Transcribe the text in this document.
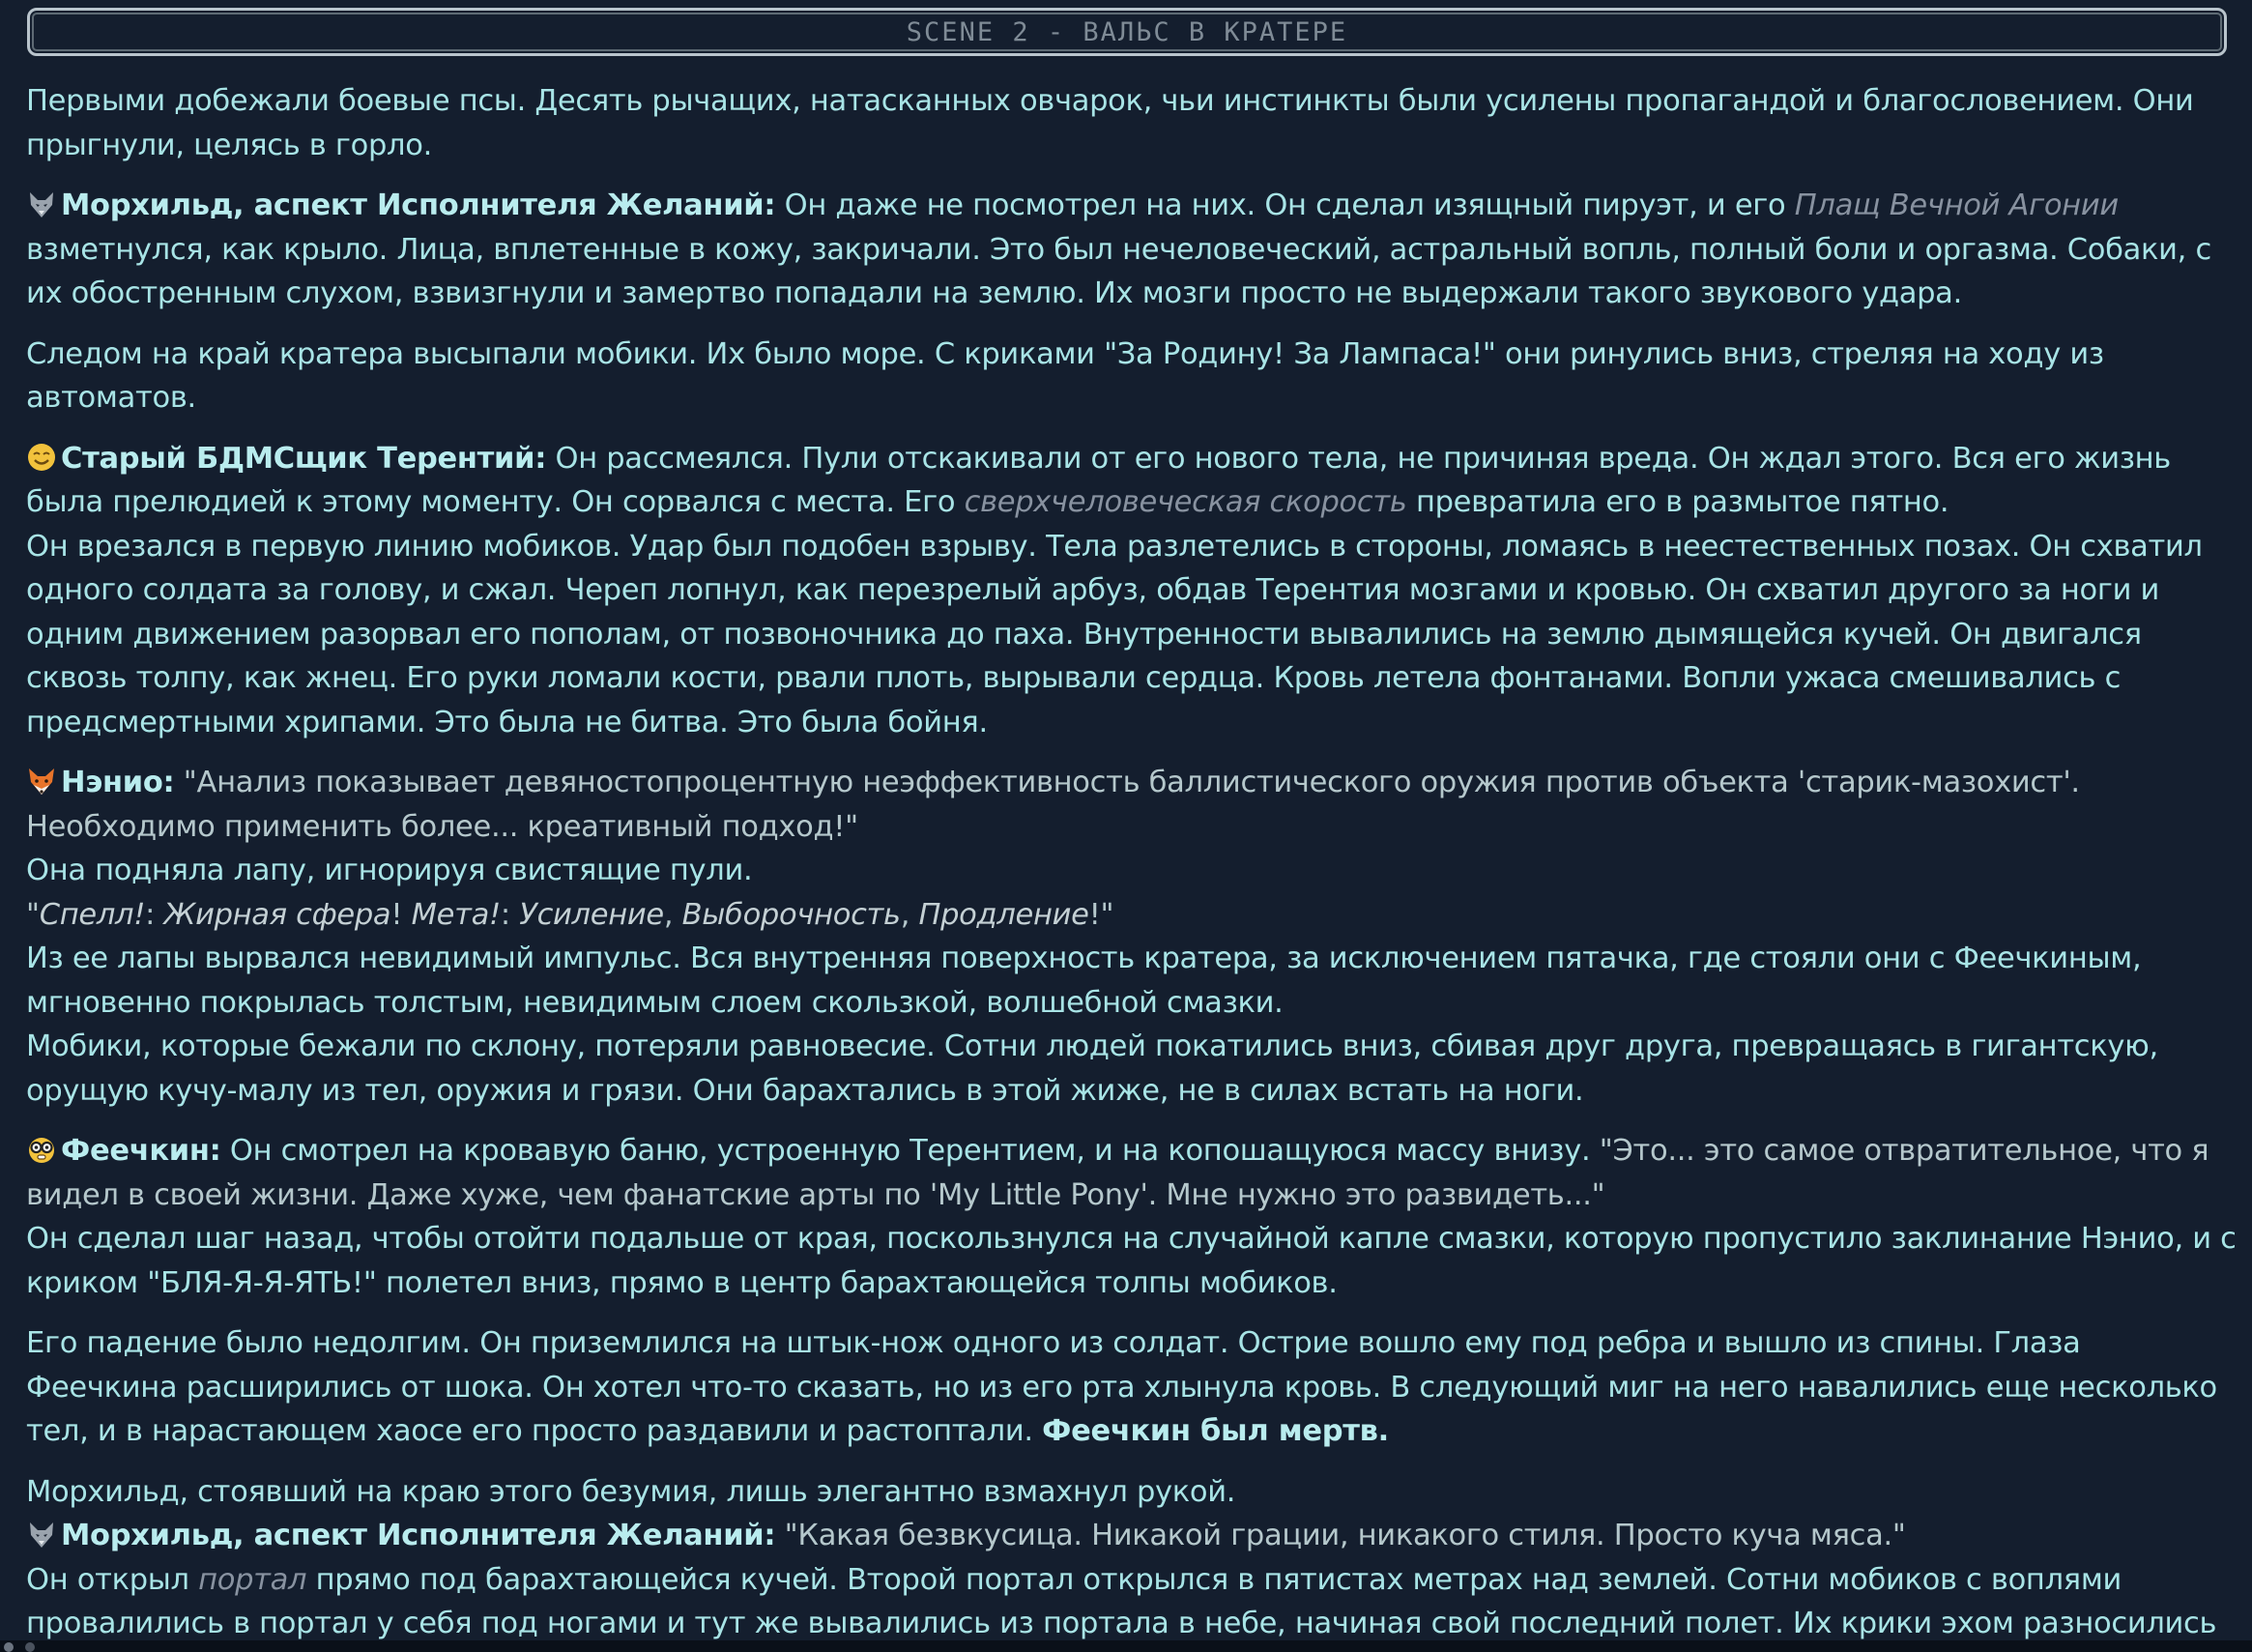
SCENE 2 - ВАЛЬС В КРАТЕРЕ

Первыми добежали боевые псы. Десять рычащих, натасканных овчарок, чьи инстинкты были усилены пропагандой и благословением. Они прыгнули, целясь в горло.

Морхильд, аспект Исполнителя Желаний: Он даже не посмотрел на них. Он сделал изящный пируэт, и его Плащ Вечной Агонии взметнулся, как крыло. Лица, вплетенные в кожу, закричали. Это был нечеловеческий, астральный вопль, полный боли и оргазма. Собаки, с их обостренным слухом, взвизгнули и замертво попадали на землю. Их мозги просто не выдержали такого звукового удара.

Следом на край кратера высыпали мобики. Их было море. С криками "За Родину! За Лампаса!" они ринулись вниз, стреляя на ходу из автоматов.

Старый БДМСщик Терентий: Он рассмеялся. Пули отскакивали от его нового тела, не причиняя вреда. Он ждал этого. Вся его жизнь была прелюдией к этому моменту. Он сорвался с места. Его сверхчеловеческая скорость превратила его в размытое пятно.
Он врезался в первую линию мобиков. Удар был подобен взрыву. Тела разлетелись в стороны, ломаясь в неестественных позах. Он схватил одного солдата за голову, и сжал. Череп лопнул, как перезрелый арбуз, обдав Терентия мозгами и кровью. Он схватил другого за ноги и одним движением разорвал его пополам, от позвоночника до паха. Внутренности вывалились на землю дымящейся кучей. Он двигался сквозь толпу, как жнец. Его руки ломали кости, рвали плоть, вырывали сердца. Кровь летела фонтанами. Вопли ужаса смешивались с предсмертными хрипами. Это была не битва. Это была бойня.

Нэнио: "Анализ показывает девяностопроцентную неэффективность баллистического оружия против объекта 'старик-мазохист'. Необходимо применить более... креативный подход!"
Она подняла лапу, игнорируя свистящие пули.
"Спелл!: Жирная сфера! Мета!: Усиление, Выборочность, Продление!"
Из ее лапы вырвался невидимый импульс. Вся внутренняя поверхность кратера, за исключением пятачка, где стояли они с Феечкиным, мгновенно покрылась толстым, невидимым слоем скользкой, волшебной смазки.
Мобики, которые бежали по склону, потеряли равновесие. Сотни людей покатились вниз, сбивая друг друга, превращаясь в гигантскую, орущую кучу-малу из тел, оружия и грязи. Они барахтались в этой жиже, не в силах встать на ноги.

Феечкин: Он смотрел на кровавую баню, устроенную Терентием, и на копошащуюся массу внизу. "Это... это самое отвратительное, что я видел в своей жизни. Даже хуже, чем фанатские арты по 'My Little Pony'. Мне нужно это развидеть..."
Он сделал шаг назад, чтобы отойти подальше от края, поскользнулся на случайной капле смазки, которую пропустило заклинание Нэнио, и с криком "БЛЯ-Я-Я-ЯТЬ!" полетел вниз, прямо в центр барахтающейся толпы мобиков.

Его падение было недолгим. Он приземлился на штык-нож одного из солдат. Острие вошло ему под ребра и вышло из спины. Глаза Феечкина расширились от шока. Он хотел что-то сказать, но из его рта хлынула кровь. В следующий миг на него навалились еще несколько тел, и в нарастающем хаосе его просто раздавили и растоптали. Феечкин был мертв.

Морхильд, стоявший на краю этого безумия, лишь элегантно взмахнул рукой.
Морхильд, аспект Исполнителя Желаний: "Какая безвкусица. Никакой грации, никакого стиля. Просто куча мяса."
Он открыл портал прямо под барахтающейся кучей. Второй портал открылся в пятистах метрах над землей. Сотни мобиков с воплями провалились в портал у себя под ногами и тут же вывалились из портала в небе, начиная свой последний полет. Их крики эхом разносились
